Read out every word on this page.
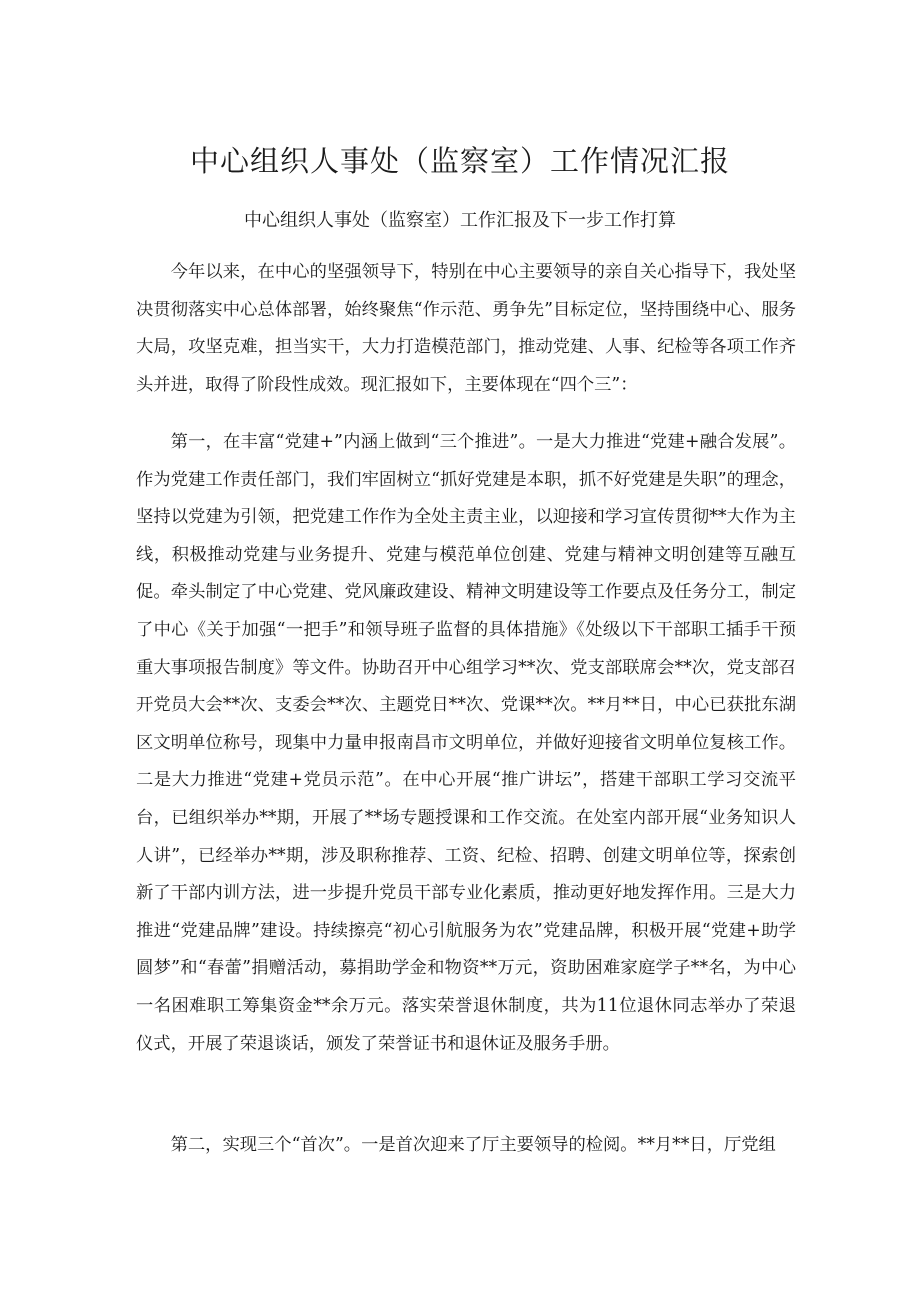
中心组织人事处（监察室）工作情况汇报

中心组织人事处（监察室）工作汇报及下一步工作打算

今年以来，在中心的坚强领导下，特别在中心主要领导的亲自关心指导下，我处坚决贯彻落实中心总体部署，始终聚焦“作示范、勇争先”目标定位，坚持围绕中心、服务大局，攻坚克难，担当实干，大力打造模范部门，推动党建、人事、纪检等各项工作齐头并进，取得了阶段性成效。现汇报如下，主要体现在“四个三”：

第一，在丰富“党建+”内涵上做到“三个推进”。一是大力推进“党建+融合发展”。作为党建工作责任部门，我们牢固树立“抓好党建是本职，抓不好党建是失职”的理念，坚持以党建为引领，把党建工作作为全处主责主业，以迎接和学习宣传贯彻**大作为主线，积极推动党建与业务提升、党建与模范单位创建、党建与精神文明创建等互融互促。牵头制定了中心党建、党风廉政建设、精神文明建设等工作要点及任务分工，制定了中心《关于加强“一把手”和领导班子监督的具体措施》《处级以下干部职工插手干预重大事项报告制度》等文件。协助召开中心组学习**次、党支部联席会**次，党支部召开党员大会**次、支委会**次、主题党日**次、党课**次。**月**日，中心已获批东湖区文明单位称号，现集中力量申报南昌市文明单位，并做好迎接省文明单位复核工作。二是大力推进“党建+党员示范”。在中心开展“推广讲坛”，搭建干部职工学习交流平台，已组织举办**期，开展了**场专题授课和工作交流。在处室内部开展“业务知识人人讲”，已经举办**期，涉及职称推荐、工资、纪检、招聘、创建文明单位等，探索创新了干部内训方法，进一步提升党员干部专业化素质，推动更好地发挥作用。三是大力推进“党建品牌”建设。持续擦亮“初心引航服务为农”党建品牌，积极开展“党建+助学圆梦”和“春蕾”捐赠活动，募捐助学金和物资**万元，资助困难家庭学子**名，为中心一名困难职工筹集资金**余万元。落实荣誉退休制度，共为11位退休同志举办了荣退仪式，开展了荣退谈话，颁发了荣誉证书和退休证及服务手册。

第二，实现三个“首次”。一是首次迎来了厅主要领导的检阅。**月**日，厅党组
